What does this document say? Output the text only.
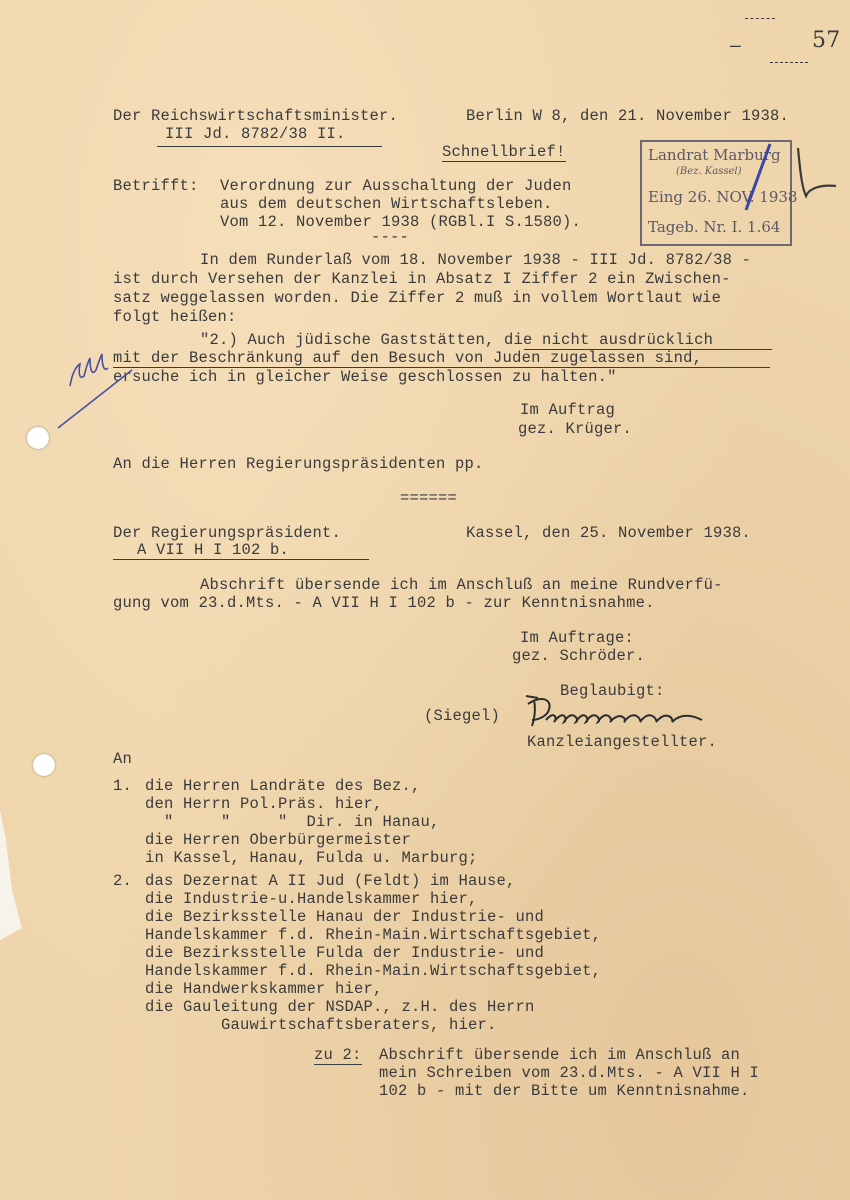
—	57
Der Reichswirtschaftsminister.	Berlin W 8, den 21. November 1938.
III Jd. 8782/38 II.
Schnellbrief!	Landrat Marburg
(Bez. Kassel)
Eing 26. NOV. 1938
Tageb. Nr. I. 1.64
Betrifft: Verordnung zur Ausschaltung der Juden
aus dem deutschen Wirtschaftsleben.
Vom 12. November 1938 (RGBl.I S.1580).
----
In dem Runderlaß vom 18. November 1938 - III Jd. 8782/38 -
ist durch Versehen der Kanzlei in Absatz I Ziffer 2 ein Zwischen-
satz weggelassen worden. Die Ziffer 2 muß in vollem Wortlaut wie
folgt heißen:
"2.) Auch jüdische Gaststätten, die nicht ausdrücklich
mit der Beschränkung auf den Besuch von Juden zugelassen sind,
ersuche ich in gleicher Weise geschlossen zu halten."
Im Auftrag
gez. Krüger.
An die Herren Regierungspräsidenten pp.
======
Der Regierungspräsident.	Kassel, den 25. November 1938.
A VII H I 102 b.
Abschrift übersende ich im Anschluß an meine Rundverfü-
gung vom 23.d.Mts. - A VII H I 102 b - zur Kenntnisnahme.
Im Auftrage:
gez. Schröder.
Beglaubigt:
(Siegel)
Kanzleiangestellter.
An
1. die Herren Landräte des Bez.,
den Herrn Pol.Präs. hier,
"     "     "  Dir. in Hanau,
die Herren Oberbürgermeister
in Kassel, Hanau, Fulda u. Marburg;
2. das Dezernat A II Jud (Feldt) im Hause,
die Industrie-u.Handelskammer hier,
die Bezirksstelle Hanau der Industrie- und
Handelskammer f.d. Rhein-Main.Wirtschaftsgebiet,
die Bezirksstelle Fulda der Industrie- und
Handelskammer f.d. Rhein-Main.Wirtschaftsgebiet,
die Handwerkskammer hier,
die Gauleitung der NSDAP., z.H. des Herrn
Gauwirtschaftsberaters, hier.
zu 2: Abschrift übersende ich im Anschluß an
mein Schreiben vom 23.d.Mts. - A VII H I
102 b - mit der Bitte um Kenntnisnahme.
